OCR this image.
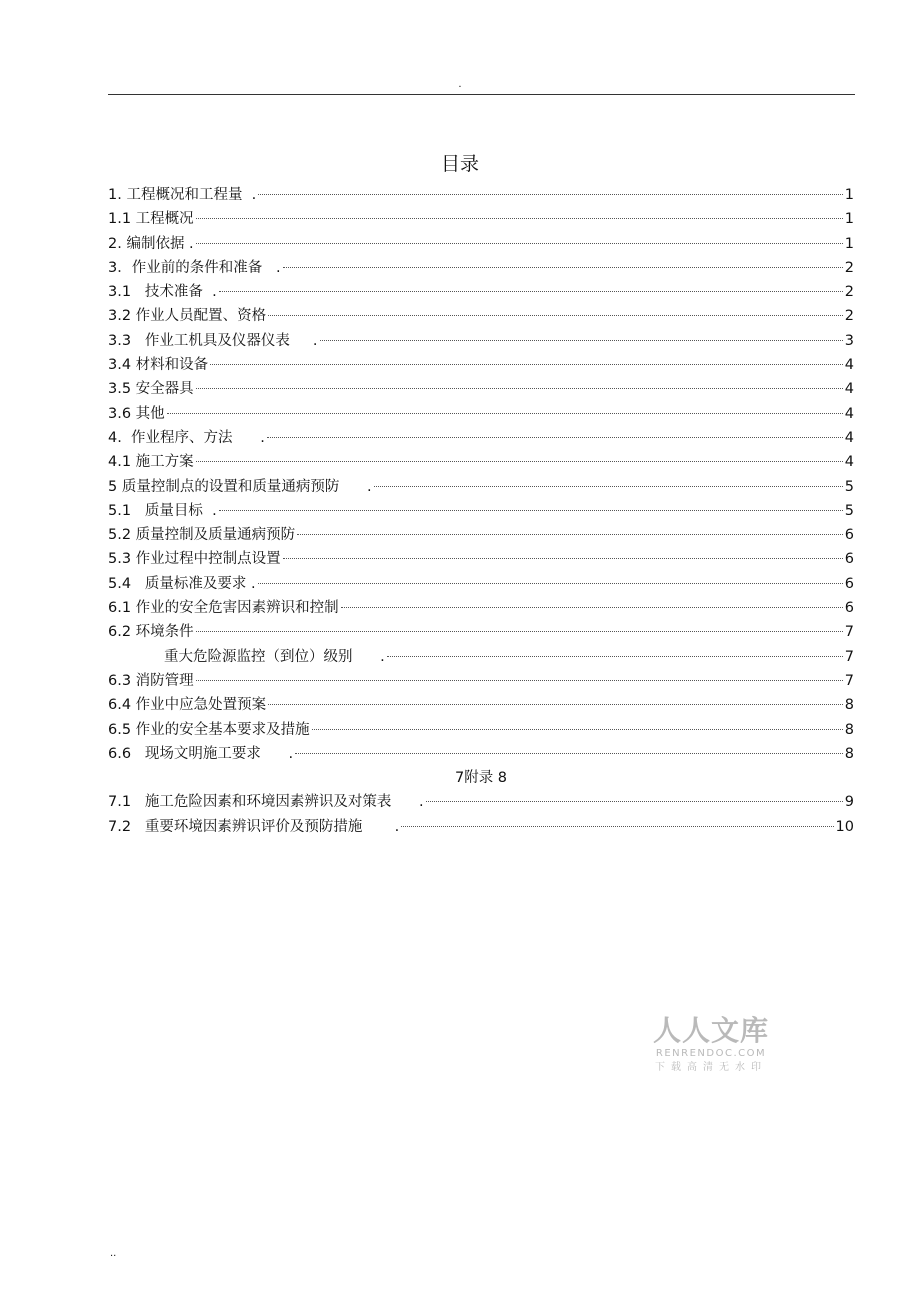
.
目录
1. 工程概况和工程量  .	1
1.1 工程概况	1
2. 编制依据 .	1
3．作业前的条件和准备   .	2
3.1   技术准备  .	2
3.2 作业人员配置、资格	2
3.3   作业工机具及仪器仪表     .	3
3.4 材料和设备	4
3.5 安全器具	4
3.6 其他	4
4.  作业程序、方法      .	4
4.1 施工方案	4
5 质量控制点的设置和质量通病预防      .	5
5.1   质量目标  .	5
5.2 质量控制及质量通病预防	6
5.3 作业过程中控制点设置	6
5.4   质量标准及要求 .	6
6.1 作业的安全危害因素辨识和控制	6
6.2 环境条件	7
重大危险源监控（到位）级别      .	7
6.3 消防管理	7
6.4 作业中应急处置预案	8
6.5 作业的安全基本要求及措施	8
6.6   现场文明施工要求      .	8
7附录 8
7.1   施工危险因素和环境因素辨识及对策表      .	9
7.2   重要环境因素辨识评价及预防措施       .	10
人人文库
RENRENDOC.COM
下载高清无水印
..
